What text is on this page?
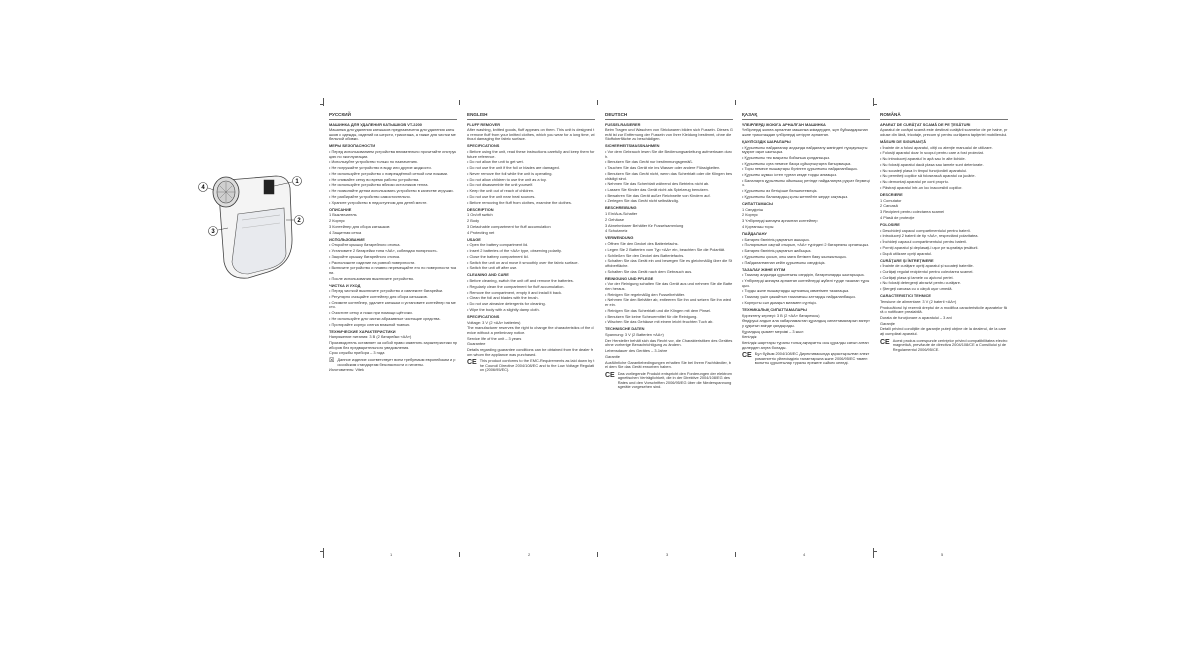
1
2
3
4
РУССКИЙ

МАШИНКА ДЛЯ УДАЛЕНИЯ КАТЫШКОВ VT-2200

Машинка для удаления катышков предназначена для удаления катышков с одежды, изделий из шерсти, трикотажа, а также для чистки мебельной обивки.

МЕРЫ БЕЗОПАСНОСТИ

• Перед использованием устройства внимательно прочитайте инструкцию по эксплуатации.

• Используйте устройство только по назначению.

• Не погружайте устройство в воду или другие жидкости.

• Не используйте устройство с повреждённой сеткой или ножами.

• Не снимайте сетку во время работы устройства.

• Не используйте устройство вблизи источников тепла.

• Не позволяйте детям использовать устройство в качестве игрушки.

• Не разбирайте устройство самостоятельно.

• Храните устройство в недоступном для детей месте.

ОПИСАНИЕ

1 Выключатель

2 Корпус

3 Контейнер для сбора катышков

4 Защитная сетка

ИСПОЛЬЗОВАНИЕ

• Откройте крышку батарейного отсека.

• Установите 2 батарейки типа «АА», соблюдая полярность.

• Закройте крышку батарейного отсека.

• Расположите изделие на ровной поверхности.

• Включите устройство и плавно перемещайте его по поверхности ткани.

• После использования выключите устройство.

ЧИСТКА И УХОД

• Перед чисткой выключите устройство и извлеките батарейки.

• Регулярно очищайте контейнер для сбора катышков.

• Снимите контейнер, удалите катышки и установите контейнер на место.

• Очистите сетку и ножи при помощи щёточки.

• Не используйте для чистки абразивные чистящие средства.

• Протирайте корпус слегка влажной тканью.

ТЕХНИЧЕСКИЕ ХАРАКТЕРИСТИКИ

Напряжение питания: 3 В (2 батарейки «АА»)

Производитель оставляет за собой право изменять характеристики приборов без предварительного уведомления.

Срок службы прибора – 3 года

☒ Данное изделие соответствует всем требуемым европейским и российским стандартам безопасности и гигиены.

Изготовитель: Vitek

ENGLISH

FLUFF REMOVER

After washing, knitted goods, fluff appears on them. This unit is designed to remove fluff from your knitted clothes, which you wear for a long time, without damaging the fabric surface.

SPECIFICATIONS

• Before using the unit, read these instructions carefully and keep them for future reference.

• Do not allow the unit to get wet.

• Do not use the unit if the foil or blades are damaged.

• Never remove the foil while the unit is operating.

• Do not allow children to use the unit as a toy.

• Do not disassemble the unit yourself.

• Keep the unit out of reach of children.

• Do not use the unit near heat sources.

• Before removing the fluff from clothes, examine the clothes.

DESCRIPTION

1 On/off switch

2 Body

3 Detachable compartment for fluff accumulation

4 Protecting net

USAGE

• Open the battery compartment lid.

• Insert 2 batteries of the «AA» type, observing polarity.

• Close the battery compartment lid.

• Switch the unit on and move it smoothly over the fabric surface.

• Switch the unit off after use.

CLEANING AND CARE

• Before cleaning, switch the unit off and remove the batteries.

• Regularly clean the compartment for fluff accumulation.

• Remove the compartment, empty it and install it back.

• Clean the foil and blades with the brush.

• Do not use abrasive detergents for cleaning.

• Wipe the body with a slightly damp cloth.

SPECIFICATIONS

Voltage: 3 V (2 «AA» batteries)

The manufacturer reserves the right to change the characteristics of the device without a preliminary notice.

Service life of the unit – 3 years

Guarantee

Details regarding guarantee conditions can be obtained from the dealer from whom the appliance was purchased.

CE This product conforms to the EMC-Requirements as laid down by the Council Directive 2004/108/EC and to the Low Voltage Regulation (2006/95/EC).

DEUTSCH

FUSSELRASIERER

Beim Tragen und Waschen von Strickwaren bilden sich Fusseln. Dieses Gerät ist zur Entfernung der Fusseln von Ihrer Kleidung bestimmt, ohne die Stoffoberfläche zu beschädigen.

SICHERHEITSMASSNAHMEN

• Vor dem Gebrauch lesen Sie die Bedienungsanleitung aufmerksam durch.

• Benutzen Sie das Gerät nur bestimmungsgemäß.

• Tauchen Sie das Gerät nie ins Wasser oder andere Flüssigkeiten.

• Benutzen Sie das Gerät nicht, wenn das Scherblatt oder die Klingen beschädigt sind.

• Nehmen Sie das Scherblatt während des Betriebs nicht ab.

• Lassen Sie Kinder das Gerät nicht als Spielzeug benutzen.

• Bewahren Sie das Gerät außer Reichweite von Kindern auf.

• Zerlegen Sie das Gerät nicht selbständig.

BESCHREIBUNG

1 Ein/Aus-Schalter

2 Gehäuse

3 Abnehmbarer Behälter für Fusselsammlung

4 Schutznetz

VERWENDUNG

• Öffnen Sie den Deckel des Batteriefachs.

• Legen Sie 2 Batterien vom Typ «AA» ein, beachten Sie die Polarität.

• Schließen Sie den Deckel des Batteriefachs.

• Schalten Sie das Gerät ein und bewegen Sie es gleichmäßig über die Stoffoberfläche.

• Schalten Sie das Gerät nach dem Gebrauch aus.

REINIGUNG UND PFLEGE

• Vor der Reinigung schalten Sie das Gerät aus und nehmen Sie die Batterien heraus.

• Reinigen Sie regelmäßig den Fusselbehälter.

• Nehmen Sie den Behälter ab, entleeren Sie ihn und setzen Sie ihn wieder ein.

• Reinigen Sie das Scherblatt und die Klingen mit dem Pinsel.

• Benutzen Sie keine Scheuermittel für die Reinigung.

• Wischen Sie das Gehäuse mit einem leicht feuchten Tuch ab.

TECHNISCHE DATEN

Spannung: 3 V (2 Batterien «AA»)

Der Hersteller behält sich das Recht vor, die Charakteristiken des Gerätes ohne vorherige Benachrichtigung zu ändern.

Lebensdauer des Gerätes – 3 Jahre

Garantie

Ausführliche Garantiebedingungen erhalten Sie bei Ihrem Fachhändler, bei dem Sie das Gerät erworben haben.

CE Das vorliegende Produkt entspricht den Forderungen der elektromagnetischen Verträglichkeit, die in der Direktive 2004/108/EG des Rates und den Vorschriften 2006/95/EG über die Niederspannungsgeräte vorgesehen sind.

ҚАЗАҚ

ҮЛБІРЛЕРДІ ЖОЮҒА АРНАЛҒАН МАШИНКА

Үлбірлерді жоюға арналған машинка киімдерден, жүн бұйымдарынан және трикотаждан үлбірлерді кетіруге арналған.

ҚАУІПСІЗДІК ШАРАЛАРЫ

• Құрылғыны пайдаланар алдында пайдалану жөніндегі нұсқаулықты мұқият оқып шығыңыз.

• Құрылғыны тек мақсаты бойынша қолданыңыз.

• Құрылғыны суға немесе басқа сұйықтықтарға батырмаңыз.

• Торы немесе пышақтары бүлінген құрылғыны пайдаланбаңыз.

• Құрылғы жұмыс істеп тұрған кезде торды алмаңыз.

• Балаларға құрылғыны ойыншық ретінде пайдалануға рұқсат бермеңіз.

• Құрылғыны өз бетіңізше бөлшектемеңіз.

• Құрылғыны балалардың қолы жетпейтін жерде сақтаңыз.

СИПАТТАМАСЫ

1 Сөндіргіш

2 Корпус

3 Үлбірлерді жинауға арналған контейнер

4 Қорғаныш торы

ПАЙДАЛАНУ

• Батарея бөлігінің қақпағын ашыңыз.

• Полярлығын сақтай отырып, «АА» түріндегі 2 батареяны орнатыңыз.

• Батарея бөлігінің қақпағын жабыңыз.

• Құрылғыны қосып, оны мата бетімен баяу жылжытыңыз.

• Пайдаланғаннан кейін құрылғыны сөндіріңіз.

ТАЗАЛАУ ЖӘНЕ КҮТІМ

• Тазалау алдында құрылғыны сөндіріп, батареяларды шығарыңыз.

• Үлбірлерді жинауға арналған контейнерді жүйелі түрде тазалап тұрыңыз.

• Торды және пышақтарды щетканың көмегімен тазалаңыз.

• Тазалау үшін қажайтын тазалағыш заттарды пайдаланбаңыз.

• Корпусты сәл дымқыл матамен сүртіңіз.

ТЕХНИКАЛЫҚ СИПАТТАМАЛАРЫ

Қоректену кернеуі: 3 В (2 «АА» батареясы)

Өндіруші алдын ала хабарламастан құралдың сипаттамаларын өзгерту құқығын өзінде қалдырады.

Құралдың қызмет мерзімі – 3 жыл

Кепілдік

Кепілдік шарттары туралы толық ақпаратты осы құралды сатып алған дилерден алуға болады.

CE Бұл бұйым 2004/108/ЕС Директивасында қарастырылған электромагниттік үйлесімділік талаптарына және 2006/95/ЕС төмен вольтты құрылғылар туралы ережеге сәйкес келеді.

ROMÂNĂ

APARAT DE CURĂŢAT SCAMĂ DE PE ŢESĂTURI

Aparatul de curăţat scamă este destinat curăţării scamelor de pe haine, produse din lână, tricotaje, precum şi pentru curăţarea tapiţeriei mobilierului.

MĂSURI DE SIGURANŢĂ

• Înainte de a folosi aparatul, citiţi cu atenţie manualul de utilizare.

• Folosiţi aparatul doar în scopul pentru care a fost proiectat.

• Nu introduceţi aparatul în apă sau în alte lichide.

• Nu folosiţi aparatul dacă plasa sau lamele sunt deteriorate.

• Nu scoateţi plasa în timpul funcţionării aparatului.

• Nu permiteţi copiilor să folosească aparatul ca jucărie.

• Nu demontaţi aparatul pe cont propriu.

• Păstraţi aparatul într-un loc inaccesibil copiilor.

DESCRIERE

1 Comutator

2 Carcasă

3 Recipient pentru colectarea scamei

4 Plasă de protecţie

FOLOSIRE

• Deschideţi capacul compartimentului pentru baterii.

• Introduceţi 2 baterii de tip «AA», respectând polaritatea.

• Închideţi capacul compartimentului pentru baterii.

• Porniţi aparatul şi deplasaţi-l uşor pe suprafaţa ţesăturii.

• După utilizare opriţi aparatul.

CURĂŢARE ŞI ÎNTREŢINERE

• Înainte de curăţare opriţi aparatul şi scoateţi bateriile.

• Curăţaţi regulat recipientul pentru colectarea scamei.

• Curăţaţi plasa şi lamele cu ajutorul periei.

• Nu folosiţi detergenţi abrazivi pentru curăţare.

• Ştergeţi carcasa cu o cârpă uşor umedă.

CARACTERISTICI TEHNICE

Tensiune de alimentare: 3 V (2 baterii «AA»)

Producătorul îşi rezervă dreptul de a modifica caracteristicile aparatelor fără o notificare prealabilă.

Durata de funcţionare a aparatului – 3 ani

Garanţie

Detalii privind condiţiile de garanţie puteţi obţine de la dealerul, de la care aţi cumpărat aparatul.

CE Acest produs corespunde cerinţelor privind compatibilitatea electromagnetică, prevăzute de directiva 2004/108/CE a Consiliului şi de Regulamentul 2006/95/CE.

1	2	3	4	5
